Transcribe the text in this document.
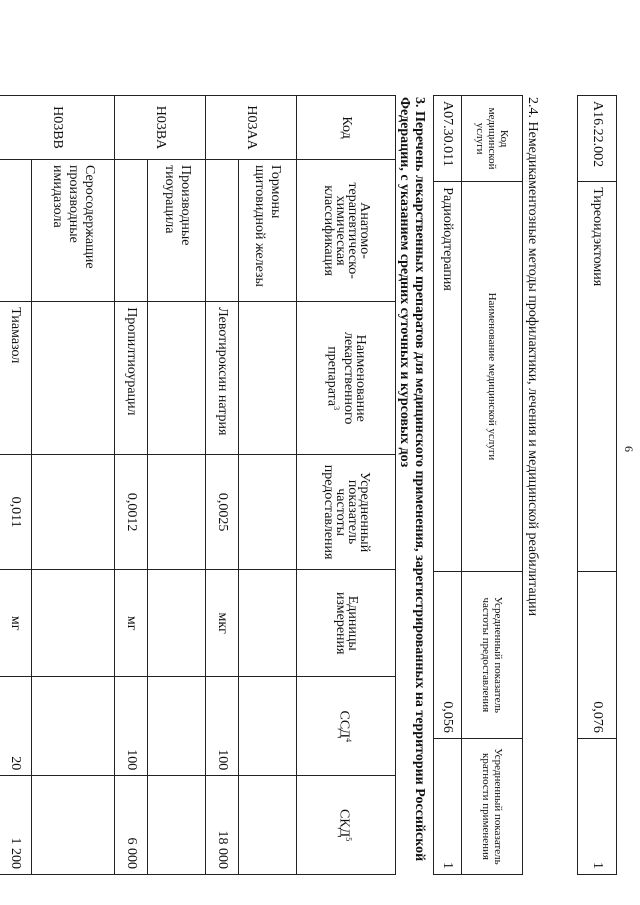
6
A16.22.002	Тиреоидэктомия	0,076	1
2.4. Немедикаментозные методы профилактики, лечения и медицинской реабилитации
Код медицинской услуги	Наименование медицинской услуги	Усредненный показатель частоты предоставления	Усредненный показатель кратности применения
A07.30.011	Радиойодтерапия	0,056	1
3. Перечень лекарственных препаратов для медицинского применения, зарегистрированных на территории Российской Федерации, с указанием средних суточных и курсовых доз
Код	Анатомо-терапевтическо-химическая классификация	Наименование лекарственного препарата$^3$	Усредненный показатель частоты предоставления	Единицы измерения	ССД$^4$	СКД$^5$
H03AA	Гормоны щитовидной железы					
		Левотироксин натрия	0,0025	мкг	100	18 000
H03BA	Производные тиоурацила					
		Пропилтиоурацил	0,0012	мг	100	6 000
H03BB	Серосодержащие производные имидазола					
		Тиамазол	0,011	мг	20	1 200
